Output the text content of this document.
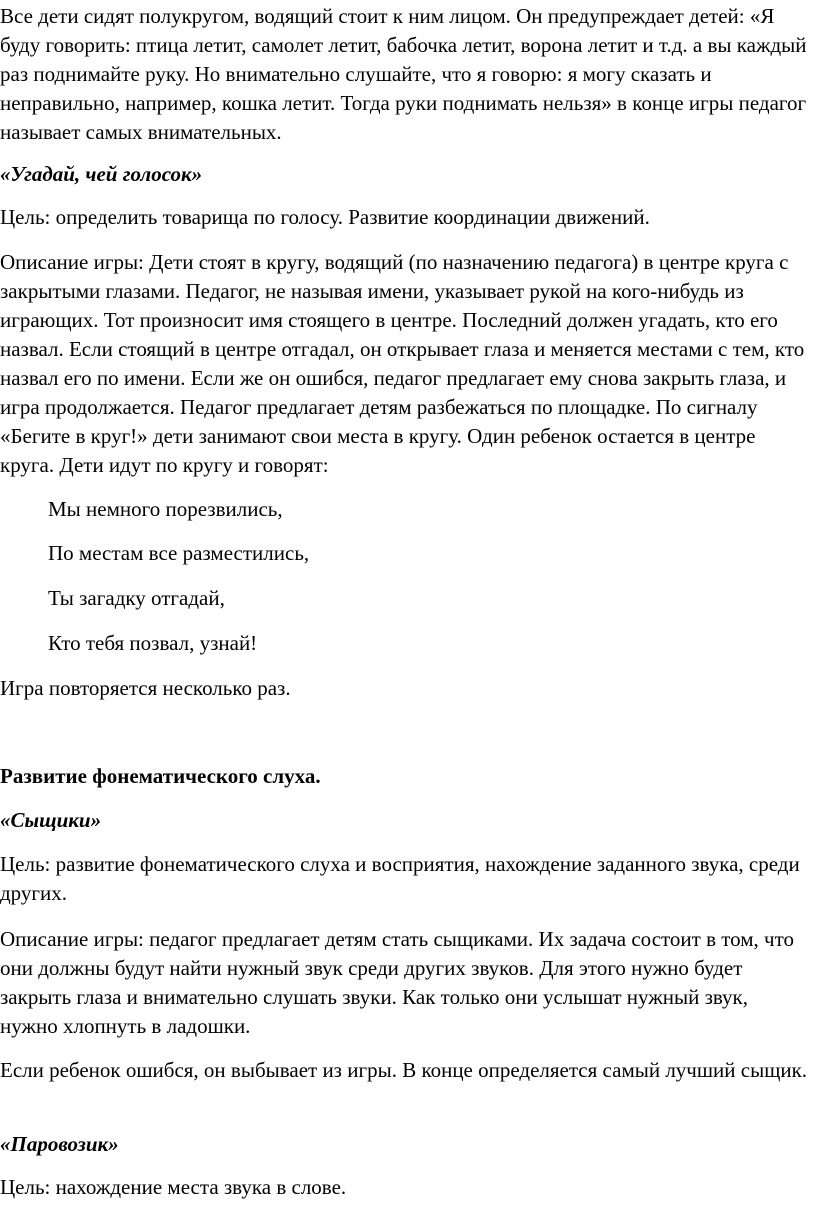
Все дети сидят полукругом, водящий стоит к ним лицом. Он предупреждает детей: «Я буду говорить: птица летит, самолет летит, бабочка летит, ворона летит и т.д. а вы каждый раз поднимайте руку. Но внимательно слушайте, что я говорю: я могу сказать и неправильно, например, кошка летит. Тогда руки поднимать нельзя» в конце игры педагог называет самых внимательных.

«Угадай, чей голосок»

Цель: определить товарища по голосу. Развитие координации движений.

Описание игры: Дети стоят в кругу, водящий (по назначению педагога) в центре круга с закрытыми глазами. Педагог, не называя имени, указывает рукой на кого-нибудь из играющих. Тот произносит имя стоящего в центре. Последний должен угадать, кто его назвал. Если стоящий в центре отгадал, он открывает глаза и меняется местами с тем, кто назвал его по имени. Если же он ошибся, педагог предлагает ему снова закрыть глаза, и игра продолжается. Педагог предлагает детям разбежаться по площадке. По сигналу «Бегите в круг!» дети занимают свои места в кругу. Один ребенок остается в центре круга. Дети идут по кругу и говорят:

Мы немного порезвились,

По местам все разместились,

Ты загадку отгадай,

Кто тебя позвал, узнай!

Игра повторяется несколько раз.

Развитие фонематического слуха.

«Сыщики»

Цель: развитие фонематического слуха и восприятия, нахождение заданного звука, среди других.

Описание игры: педагог предлагает детям стать сыщиками. Их задача состоит в том, что они должны будут найти нужный звук среди других звуков. Для этого нужно будет закрыть глаза и внимательно слушать звуки. Как только они услышат нужный звук, нужно хлопнуть в ладошки.

Если ребенок ошибся, он выбывает из игры. В конце определяется самый лучший сыщик.

«Паровозик»

Цель: нахождение места звука в слове.
